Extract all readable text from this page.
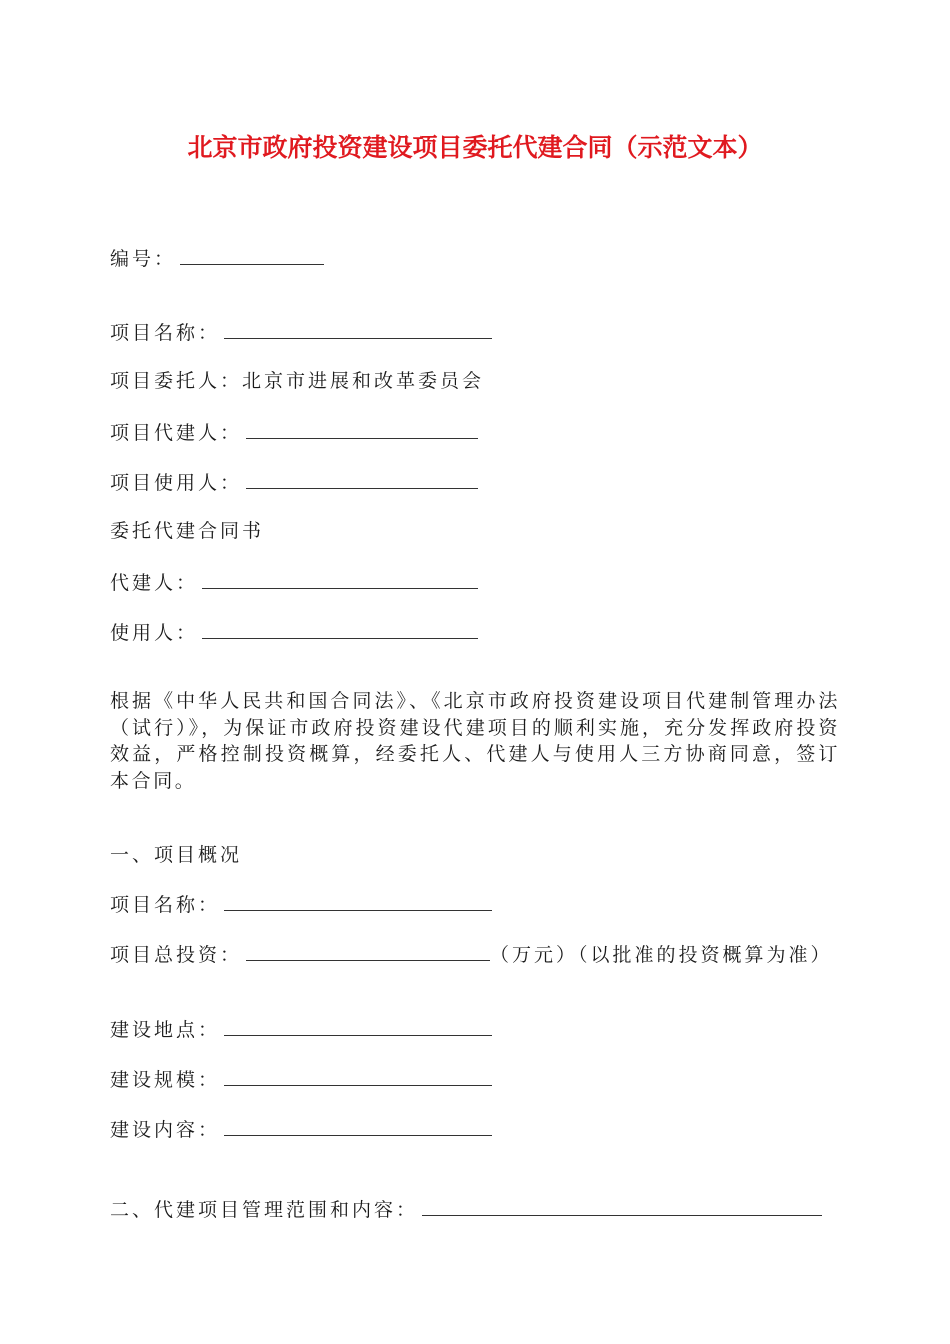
北京市政府投资建设项目委托代建合同（示范文本）
编号：
项目名称：
项目委托人：北京市进展和改革委员会
项目代建人：
项目使用人：
委托代建合同书
代建人：
使用人：
根据《中华人民共和国合同法》、《北京市政府投资建设项目代建制管理办法（试行）》，为保证市政府投资建设代建项目的顺利实施，充分发挥政府投资效益，严格控制投资概算，经委托人、代建人与使用人三方协商同意，签订本合同。
一、项目概况
项目名称：
项目总投资：	（万元）（以批准的投资概算为准）
建设地点：
建设规模：
建设内容：
二、代建项目管理范围和内容：
